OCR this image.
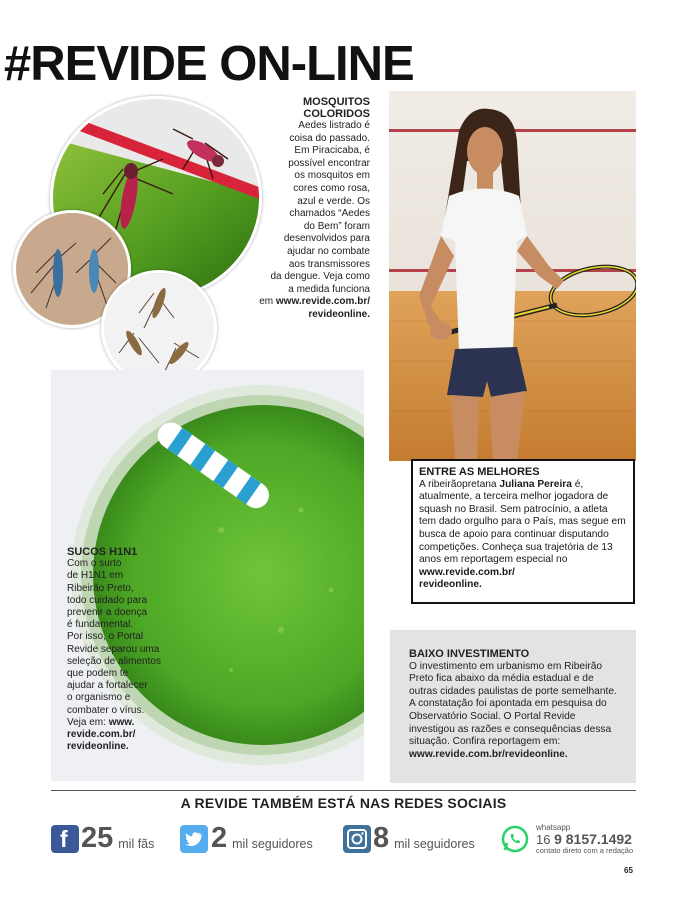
#REVIDE ON-LINE
MOSQUITOS
COLORIDOS
Aedes listrado é
coisa do passado.
Em Piracicaba, é
possível encontrar
os mosquitos em
cores como rosa,
azul e verde. Os
chamados “Aedes
do Bem” foram
desenvolvidos para
ajudar no combate
aos transmissores
da dengue. Veja como
a medida funciona
em www.revide.com.br/
revideonline.
ENTRE AS MELHORES
A ribeirãopretana Juliana Pereira é, atualmente, a terceira melhor jogadora de squash no Brasil. Sem patrocínio, a atleta tem dado orgulho para o País, mas segue em busca de apoio para continuar disputando competições. Conheça sua trajetória de 13 anos em reportagem especial no www.revide.com.br/
revideonline.
SUCOS H1N1
Com o surto
de H1N1 em
Ribeirão Preto,
todo cuidado para
prevenir a doença
é fundamental.
Por isso, o Portal
Revide separou uma
seleção de alimentos
que podem te
ajudar a fortalecer
o organismo e
combater o vírus.
Veja em: www.
revide.com.br/
revideonline.
BAIXO INVESTIMENTO
O investimento em urbanismo em Ribeirão Preto fica abaixo da média estadual e de outras cidades paulistas de porte semelhante. A constatação foi apontada em pesquisa do Observatório Social. O Portal Revide investigou as razões e consequências dessa situação. Confira reportagem em:
www.revide.com.br/revideonline.
A REVIDE TAMBÉM ESTÁ NAS REDES SOCIAIS
f 25 mil fãs 2 mil seguidores 8 mil seguidores
whatsapp
16 9 8157.1492
contato direto com a redação
65
